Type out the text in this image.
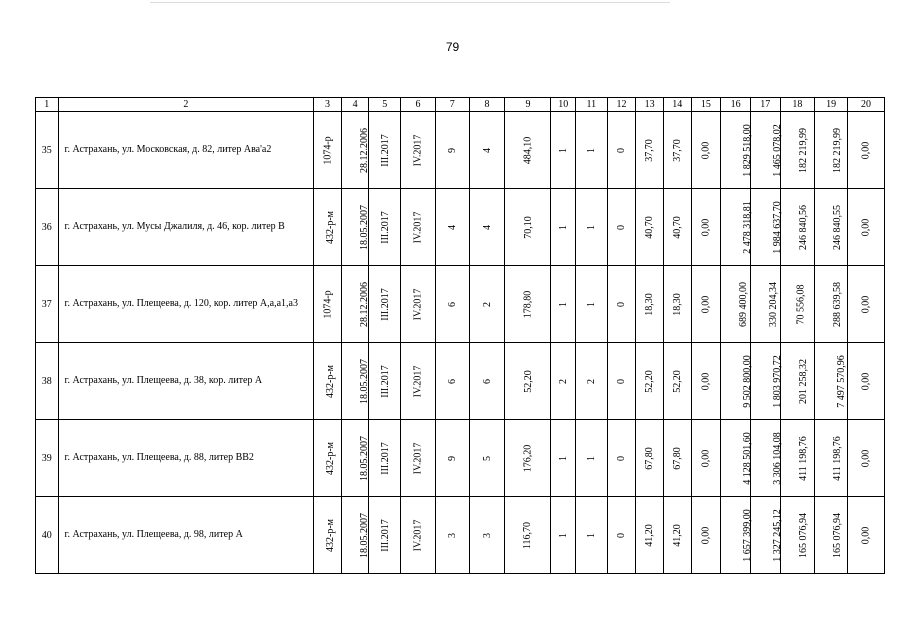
79
1	2	3	4	5	6	7	8	9	10	11	12	13	14	15	16	17	18	19	20
35	г. Астрахань, ул. Московская, д. 82, литер Ава'а2	1074-р	28.12.2006	III.2017	IV.2017	9	4	484,10	1	1	0	37,70	37,70	0,00	1 829 518,00	1 465 078,02	182 219,99	182 219,99	0,00
36	г. Астрахань, ул. Мусы Джалиля, д. 46, кор. литер В	432-р-м	18.05.2007	III.2017	IV.2017	4	4	70,10	1	1	0	40,70	40,70	0,00	2 478 318,81	1 984 637,70	246 840,56	246 840,55	0,00
37	г. Астрахань, ул. Плещеева, д. 120, кор. литер А,а,а1,а3	1074-р	28.12.2006	III.2017	IV.2017	6	2	178,80	1	1	0	18,30	18,30	0,00	689 400,00	330 204,34	70 556,08	288 639,58	0,00
38	г. Астрахань, ул. Плещеева, д. 38, кор. литер А	432-р-м	18.05.2007	III.2017	IV.2017	6	6	52,20	2	2	0	52,20	52,20	0,00	9 502 800,00	1 803 970,72	201 258,32	7 497 570,96	0,00
39	г. Астрахань, ул. Плещеева, д. 88, литер ВВ2	432-р-м	18.05.2007	III.2017	IV.2017	9	5	176,20	1	1	0	67,80	67,80	0,00	4 128 501,60	3 306 104,08	411 198,76	411 198,76	0,00
40	г. Астрахань, ул. Плещеева, д. 98, литер А	432-р-м	18.05.2007	III.2017	IV.2017	3	3	116,70	1	1	0	41,20	41,20	0,00	1 657 399,00	1 327 245,12	165 076,94	165 076,94	0,00
